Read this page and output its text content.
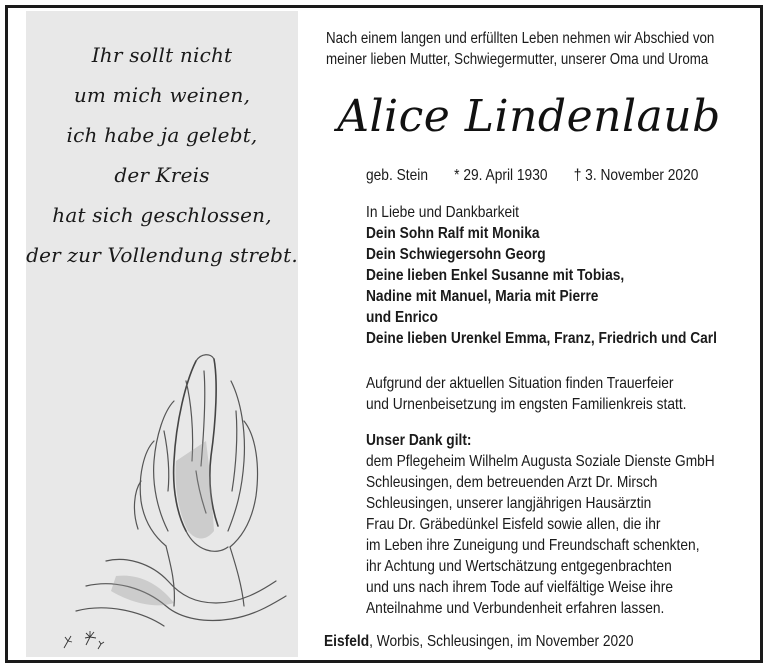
Ihr sollt nicht
um mich weinen,
ich habe ja gelebt,
der Kreis
hat sich geschlossen,
der zur Vollendung strebt.
Nach einem langen und erfüllten Leben nehmen wir Abschied von
meiner lieben Mutter, Schwiegermutter, unserer Oma und Uroma
Alice Lindenlaub
geb. Stein * 29. April 1930 † 3. November 2020
In Liebe und Dankbarkeit
Dein Sohn Ralf mit Monika
Dein Schwiegersohn Georg
Deine lieben Enkel Susanne mit Tobias,
Nadine mit Manuel, Maria mit Pierre
und Enrico
Deine lieben Urenkel Emma, Franz, Friedrich und Carl
Aufgrund der aktuellen Situation finden Trauerfeier
und Urnenbeisetzung im engsten Familienkreis statt.
Unser Dank gilt:
dem Pflegeheim Wilhelm Augusta Soziale Dienste GmbH
Schleusingen, dem betreuenden Arzt Dr. Mirsch
Schleusingen, unserer langjährigen Hausärztin
Frau Dr. Gräbedünkel Eisfeld sowie allen, die ihr
im Leben ihre Zuneigung und Freundschaft schenkten,
ihr Achtung und Wertschätzung entgegenbrachten
und uns nach ihrem Tode auf vielfältige Weise ihre
Anteilnahme und Verbundenheit erfahren lassen.
Eisfeld, Worbis, Schleusingen, im November 2020
